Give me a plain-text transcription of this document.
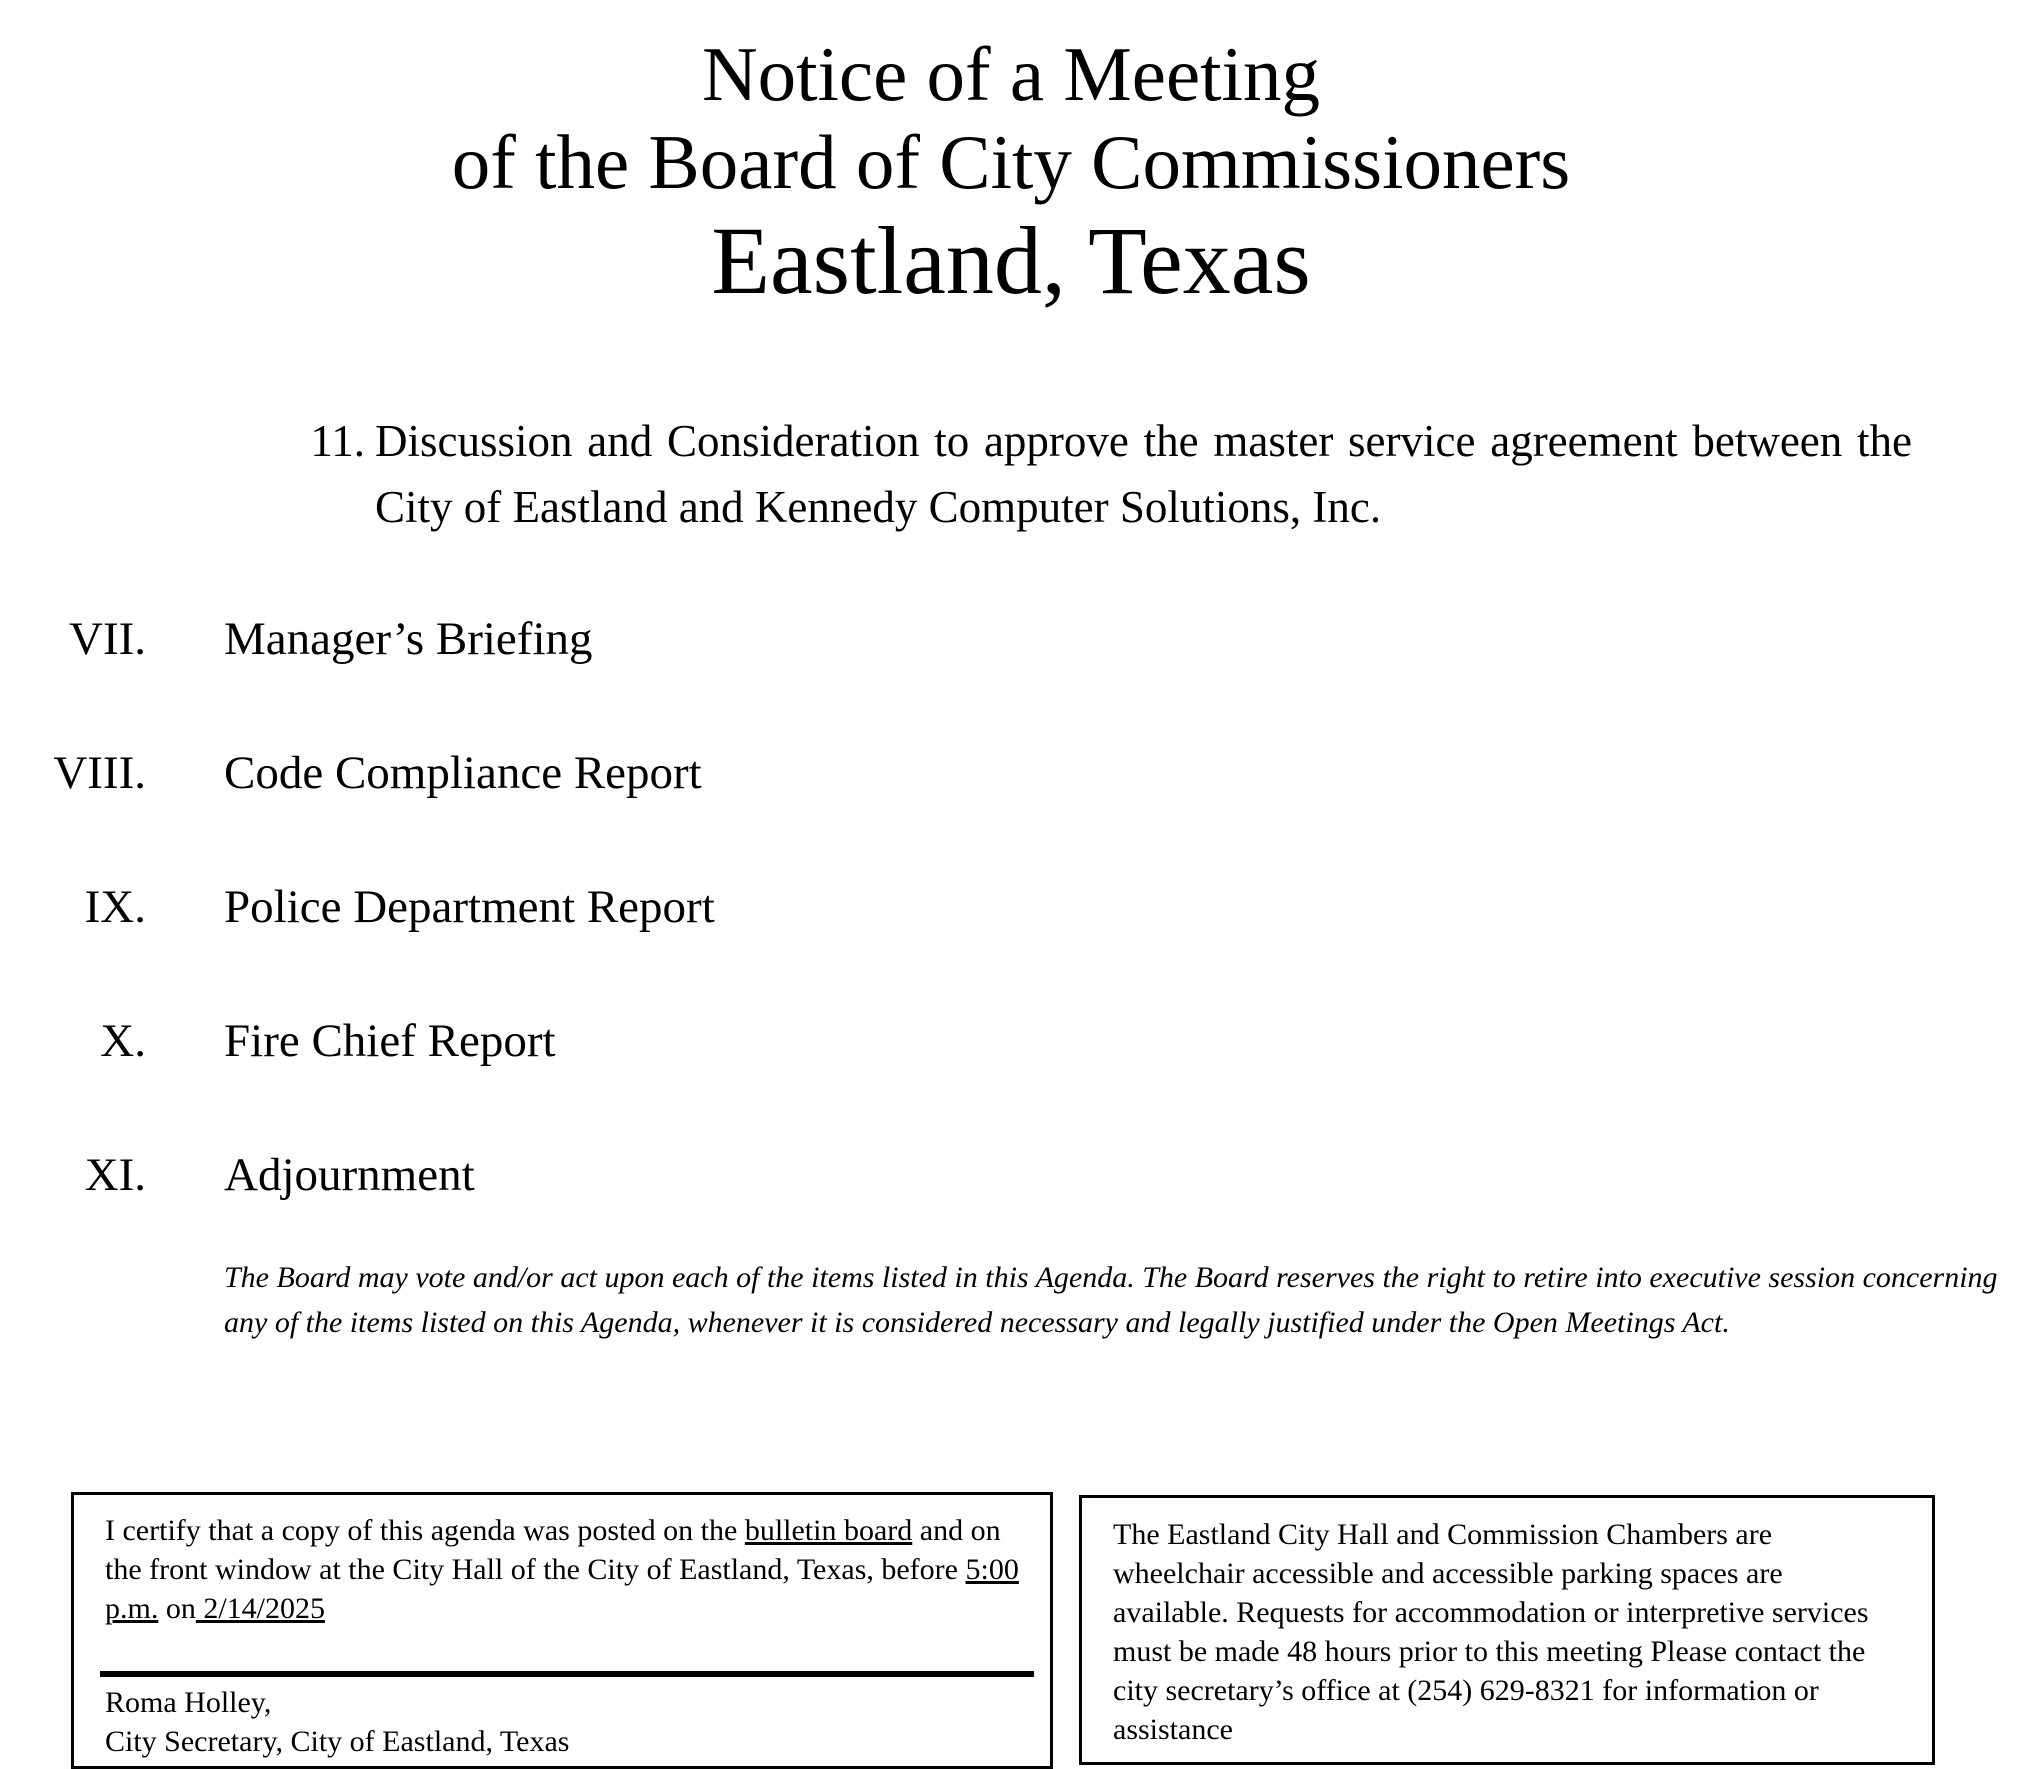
Notice of a Meeting
of the Board of City Commissioners
Eastland, Texas
11. Discussion and Consideration to approve the master service agreement between the City of Eastland and Kennedy Computer Solutions, Inc.
VII. Manager’s Briefing
VIII. Code Compliance Report
IX. Police Department Report
X. Fire Chief Report
XI. Adjournment
The Board may vote and/or act upon each of the items listed in this Agenda. The Board reserves the right to retire into executive session concerning any of the items listed on this Agenda, whenever it is considered necessary and legally justified under the Open Meetings Act.
I certify that a copy of this agenda was posted on the bulletin board and on the front window at the City Hall of the City of Eastland, Texas, before 5:00 p.m. on 2/14/2025
Roma Holley,
City Secretary, City of Eastland, Texas
The Eastland City Hall and Commission Chambers are wheelchair accessible and accessible parking spaces are available. Requests for accommodation or interpretive services must be made 48 hours prior to this meeting Please contact the city secretary’s office at (254) 629-8321 for information or assistance
